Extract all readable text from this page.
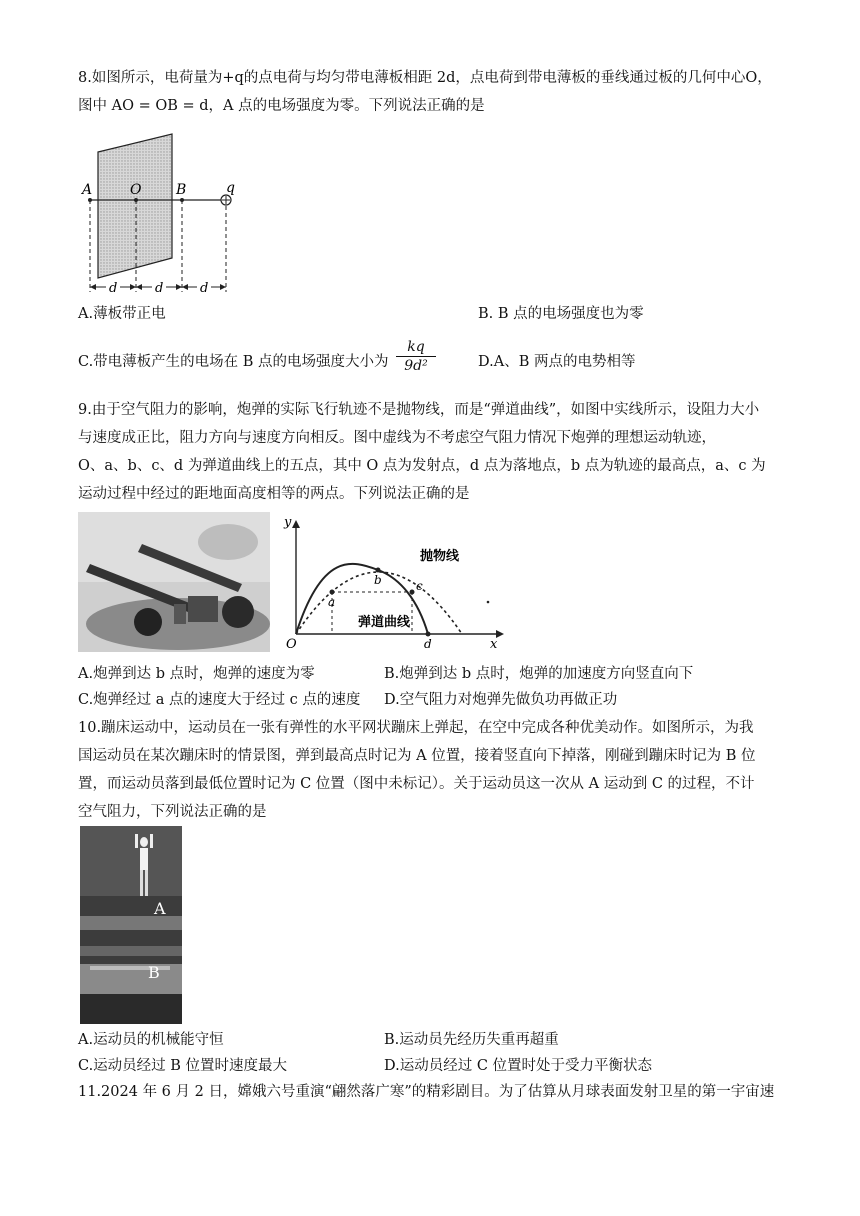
8.如图所示，电荷量为+q的点电荷与均匀带电薄板相距 2d，点电荷到带电薄板的垂线通过板的几何中心O，
图中 AO = OB = d，A 点的电场强度为零。下列说法正确的是
A	O B	q
d	d	d
A.薄板带正电	B. B 点的电场强度也为零
C.带电薄板产生的电场在 B 点的电场强度大小为 $\frac{kq}{\text{9d²}}$	D.A、B 两点的电势相等
9.由于空气阻力的影响，炮弹的实际飞行轨迹不是抛物线，而是“弹道曲线”，如图中实线所示，设阻力大小
与速度成正比，阻力方向与速度方向相反。图中虚线为不考虑空气阻力情况下炮弹的理想运动轨迹，
O、a、b、c、d 为弹道曲线上的五点，其中 O 点为发射点，d 点为落地点，b 点为轨迹的最高点，a、c 为
运动过程中经过的距地面高度相等的两点。下列说法正确的是
y
x
O
抛物线
弹道曲线
a
b	c
d
A.炮弹到达 b 点时，炮弹的速度为零	B.炮弹到达 b 点时，炮弹的加速度方向竖直向下
C.炮弹经过 a 点的速度大于经过 c 点的速度 D.空气阻力对炮弹先做负功再做正功
10.蹦床运动中，运动员在一张有弹性的水平网状蹦床上弹起，在空中完成各种优美动作。如图所示，为我
国运动员在某次蹦床时的情景图，弹到最高点时记为 A 位置，接着竖直向下掉落，刚碰到蹦床时记为 B 位
置，而运动员落到最低位置时记为 C 位置（图中未标记）。关于运动员这一次从 A 运动到 C 的过程，不计
空气阻力，下列说法正确的是
A
B
A.运动员的机械能守恒	B.运动员先经历失重再超重
C.运动员经过 B 位置时速度最大	D.运动员经过 C 位置时处于受力平衡状态
11.2024 年 6 月 2 日，嫦娥六号重演“翩然落广寒”的精彩剧目。为了估算从月球表面发射卫星的第一宇宙速
